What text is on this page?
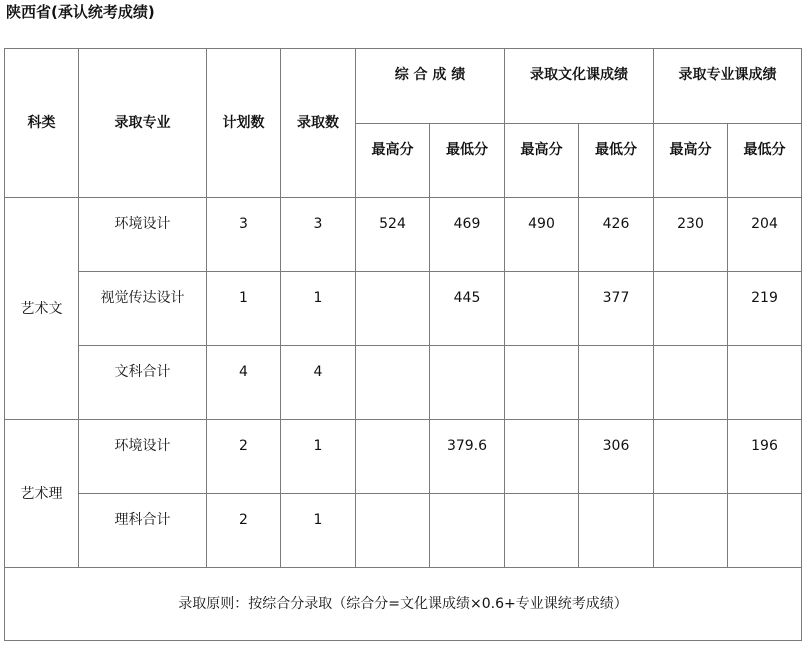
陕西省(承认统考成绩)
科类	录取专业	计划数	录取数	综 合 成 绩		录取文化课成绩		录取专业课成绩	
				最高分	最低分	最高分	最低分	最高分	最低分
艺术文	环境设计	3	3	524	469	490	426	230	204
	视觉传达设计	1	1		445		377		219
	文科合计	4	4						
艺术理	环境设计	2	1		379.6		306		196
	理科合计	2	1						
录取原则：按综合分录取（综合分=文化课成绩×0.6+专业课统考成绩）									
